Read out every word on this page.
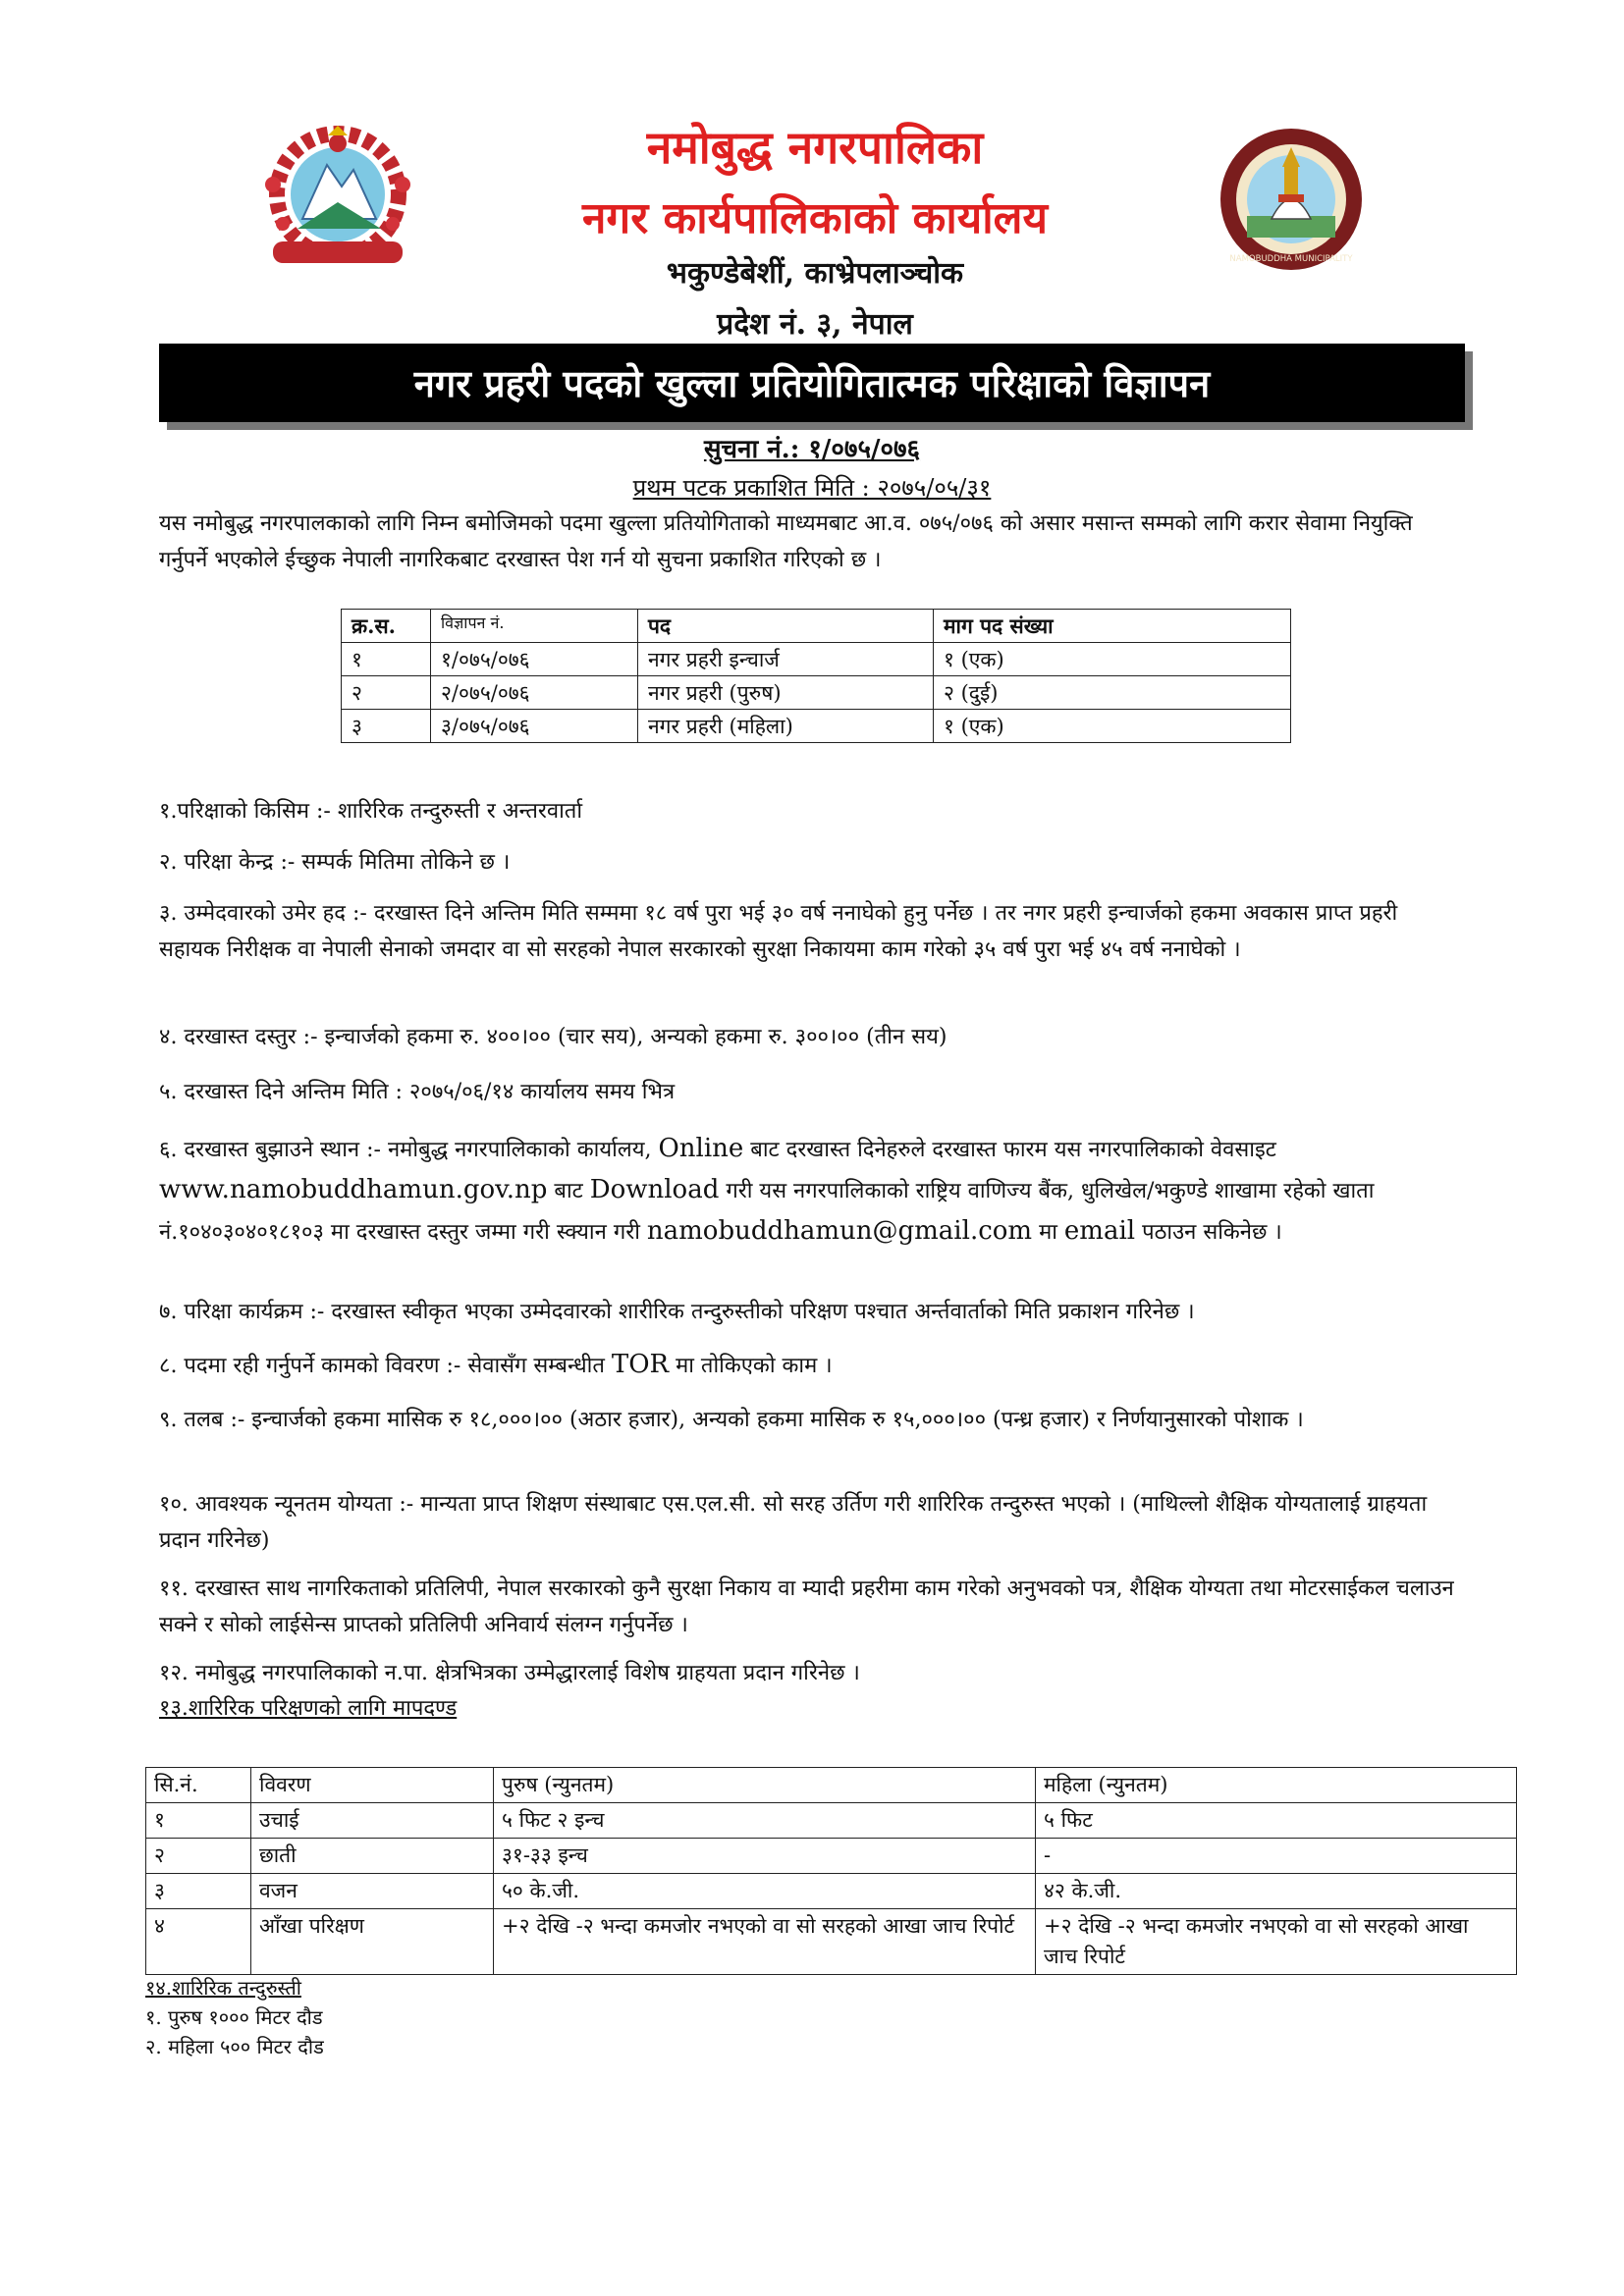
नमोबुद्ध नगरपालिका
नगर कार्यपालिकाको कार्यालय
भकुण्डेबेशीं, काभ्रेपलाञ्चोक
प्रदेश नं. ३, नेपाल
NAMOBUDDHA MUNICIPALITY
नगर प्रहरी पदको खुल्ला प्रतियोगितात्मक परिक्षाको विज्ञापन
सुचना नं.: १/०७५/०७६
प्रथम पटक प्रकाशित मिति : २०७५/०५/३१
यस नमोबुद्ध नगरपालकाको लागि निम्न बमोजिमको पदमा खुल्ला प्रतियोगिताको माध्यमबाट आ.व. ०७५/०७६ को असार मसान्त सम्मको लागि करार सेवामा नियुक्ति गर्नुपर्ने भएकोले ईच्छुक नेपाली नागरिकबाट दरखास्त पेश गर्न यो सुचना प्रकाशित गरिएको छ ।
क्र.स.	विज्ञापन नं.	पद	माग पद संख्या
१	१/०७५/०७६	नगर प्रहरी इन्चार्ज	१ (एक)
२	२/०७५/०७६	नगर प्रहरी (पुरुष)	२ (दुई)
३	३/०७५/०७६	नगर प्रहरी (महिला)	१ (एक)
१.परिक्षाको किसिम :- शारिरिक तन्दुरुस्ती र अन्तरवार्ता
२. परिक्षा केन्द्र :- सम्पर्क मितिमा तोकिने छ ।
३. उम्मेदवारको उमेर हद :- दरखास्त दिने अन्तिम मिति सम्ममा १८ वर्ष पुरा भई ३० वर्ष ननाघेको हुनु पर्नेछ । तर नगर प्रहरी इन्चार्जको हकमा अवकास प्राप्त प्रहरी सहायक निरीक्षक वा नेपाली सेनाको जमदार वा सो सरहको नेपाल सरकारको सुरक्षा निकायमा काम गरेको ३५ वर्ष पुरा भई ४५ वर्ष ननाघेको ।
४. दरखास्त दस्तुर :- इन्चार्जको हकमा रु. ४००।०० (चार सय), अन्यको हकमा रु. ३००।०० (तीन सय)
५. दरखास्त दिने अन्तिम मिति : २०७५/०६/१४ कार्यालय समय भित्र
६. दरखास्त बुझाउने स्थान :- नमोबुद्ध नगरपालिकाको कार्यालय, Online बाट दरखास्त दिनेहरुले दरखास्त फारम यस नगरपालिकाको वेवसाइट www.namobuddhamun.gov.np बाट Download गरी यस नगरपालिकाको राष्ट्रिय वाणिज्य बैंक, धुलिखेल/भकुण्डे शाखामा रहेको खाता नं.१०४०३०४०१८१०३ मा दरखास्त दस्तुर जम्मा गरी स्क्यान गरी namobuddhamun@gmail.com मा email पठाउन सकिनेछ ।
७. परिक्षा कार्यक्रम :- दरखास्त स्वीकृत भएका उम्मेदवारको शारीरिक तन्दुरुस्तीको परिक्षण पश्चात अर्न्तवार्ताको मिति प्रकाशन गरिनेछ ।
८. पदमा रही गर्नुपर्ने कामको विवरण :- सेवासँग सम्बन्धीत TOR मा तोकिएको काम ।
९. तलब :- इन्चार्जको हकमा मासिक रु १८,०००।०० (अठार हजार), अन्यको हकमा मासिक रु १५,०००।०० (पन्ध्र हजार) र निर्णयानुसारको पोशाक ।
१०. आवश्यक न्यूनतम योग्यता :- मान्यता प्राप्त शिक्षण संस्थाबाट एस.एल.सी. सो सरह उर्तिण गरी शारिरिक तन्दुरुस्त भएको । (माथिल्लो शैक्षिक योग्यतालाई ग्राहयता प्रदान गरिनेछ)
११. दरखास्त साथ नागरिकताको प्रतिलिपी, नेपाल सरकारको कुनै सुरक्षा निकाय वा म्यादी प्रहरीमा काम गरेको अनुभवको पत्र, शैक्षिक योग्यता तथा मोटरसाईकल चलाउन सक्ने र सोको लाईसेन्स प्राप्तको प्रतिलिपी अनिवार्य संलग्न गर्नुपर्नेछ ।
१२. नमोबुद्ध नगरपालिकाको न.पा. क्षेत्रभित्रका उम्मेद्धारलाई विशेष ग्राहयता प्रदान गरिनेछ ।
१३.शारिरिक परिक्षणको लागि मापदण्ड
सि.नं.	विवरण	पुरुष (न्युनतम)	महिला (न्युनतम)
१	उचाई	५ फिट २ इन्च	५ फिट
२	छाती	३१-३३ इन्च	-
३	वजन	५० के.जी.	४२ के.जी.
४	आँखा परिक्षण	+२ देखि -२ भन्दा कमजोर नभएको वा सो सरहको आखा जाच रिपोर्ट	+२ देखि -२ भन्दा कमजोर नभएको वा सो सरहको आखा जाच रिपोर्ट
१४.शारिरिक तन्दुरुस्ती
१. पुरुष १००० मिटर दौड
२. महिला ५०० मिटर दौड
